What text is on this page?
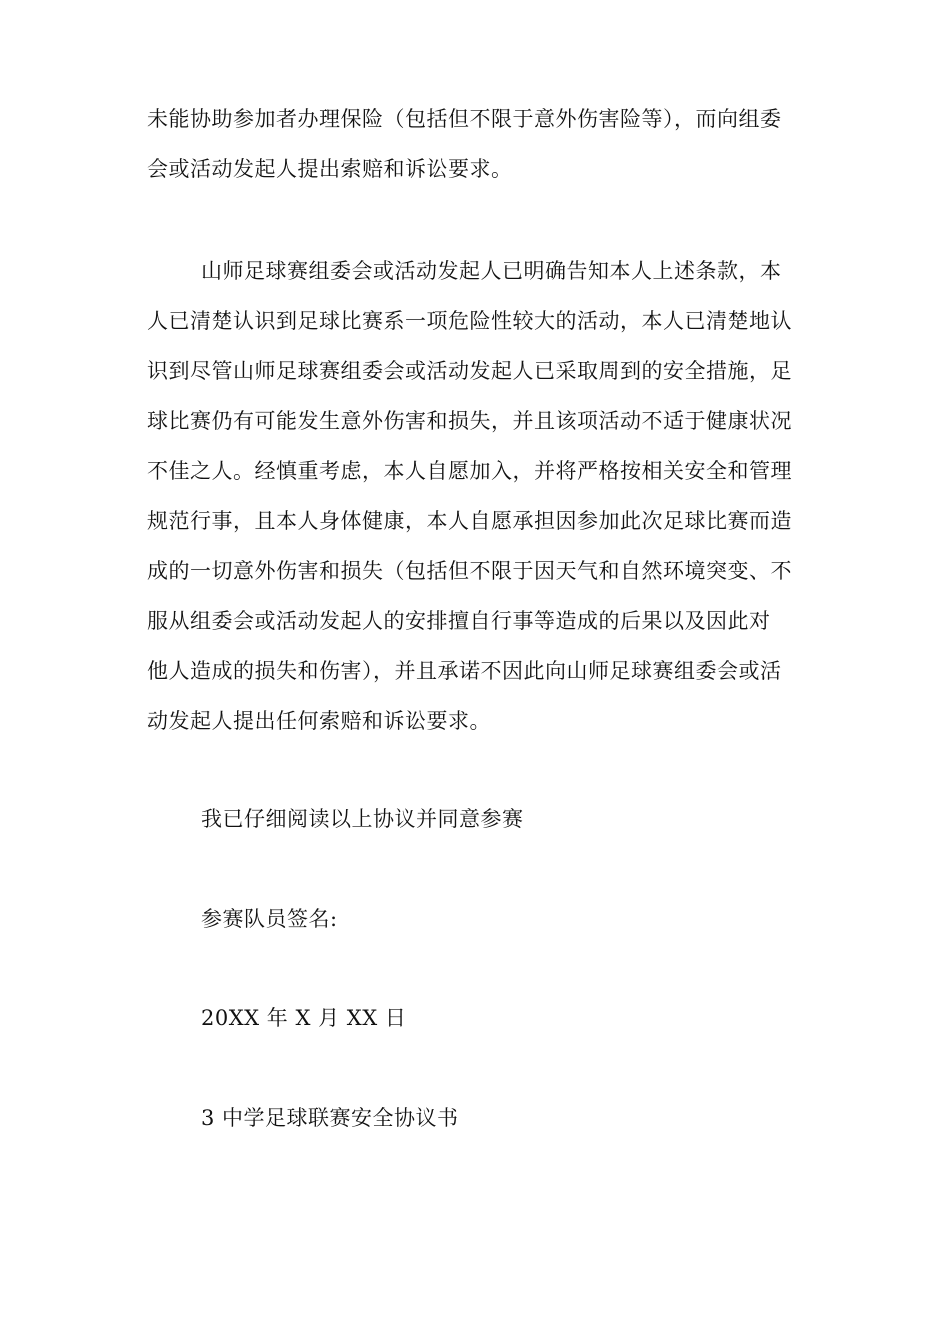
未能协助参加者办理保险（包括但不限于意外伤害险等），而向组委
会或活动发起人提出索赔和诉讼要求。
山师足球赛组委会或活动发起人已明确告知本人上述条款，本
人已清楚认识到足球比赛系一项危险性较大的活动，本人已清楚地认
识到尽管山师足球赛组委会或活动发起人已采取周到的安全措施，足
球比赛仍有可能发生意外伤害和损失，并且该项活动不适于健康状况
不佳之人。经慎重考虑，本人自愿加入，并将严格按相关安全和管理
规范行事，且本人身体健康，本人自愿承担因参加此次足球比赛而造
成的一切意外伤害和损失（包括但不限于因天气和自然环境突变、不
服从组委会或活动发起人的安排擅自行事等造成的后果以及因此对
他人造成的损失和伤害），并且承诺不因此向山师足球赛组委会或活
动发起人提出任何索赔和诉讼要求。
我已仔细阅读以上协议并同意参赛
参赛队员签名:
20XX 年 X 月 XX 日
3 中学足球联赛安全协议书
